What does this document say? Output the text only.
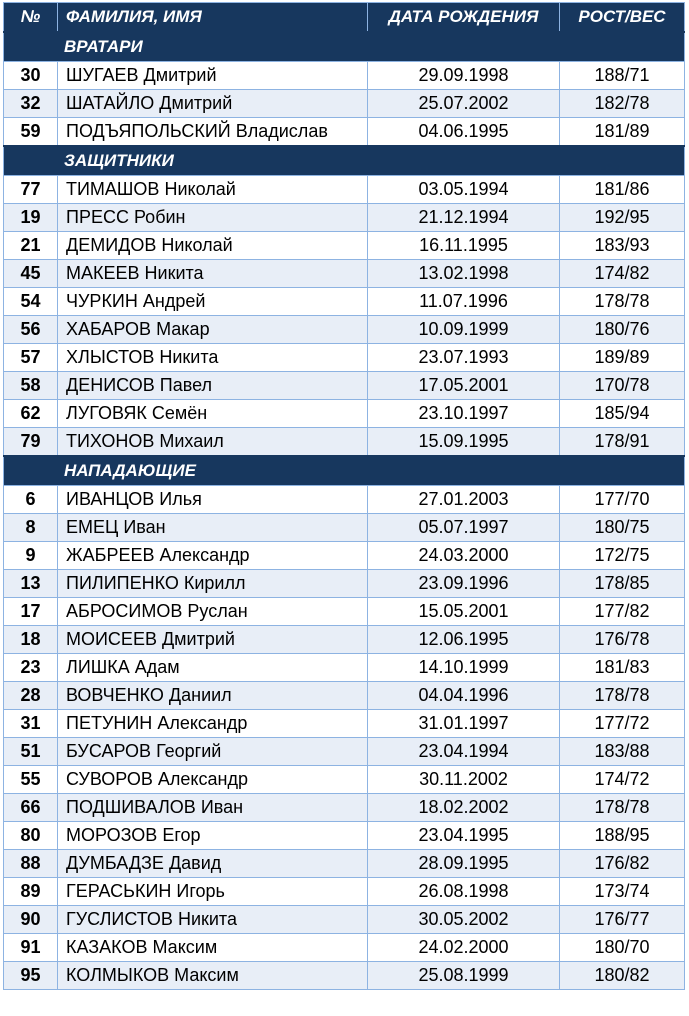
№	ФАМИЛИЯ, ИМЯ	ДАТА РОЖДЕНИЯ	РОСТ/ВЕС
ВРАТАРИ			
30	ШУГАЕВ Дмитрий	29.09.1998	188/71
32	ШАТАЙЛО Дмитрий	25.07.2002	182/78
59	ПОДЪЯПОЛЬСКИЙ Владислав	04.06.1995	181/89
ЗАЩИТНИКИ			
77	ТИМАШОВ Николай	03.05.1994	181/86
19	ПРЕСС Робин	21.12.1994	192/95
21	ДЕМИДОВ Николай	16.11.1995	183/93
45	МАКЕЕВ Никита	13.02.1998	174/82
54	ЧУРКИН Андрей	11.07.1996	178/78
56	ХАБАРОВ Макар	10.09.1999	180/76
57	ХЛЫСТОВ Никита	23.07.1993	189/89
58	ДЕНИСОВ Павел	17.05.2001	170/78
62	ЛУГОВЯК Семён	23.10.1997	185/94
79	ТИХОНОВ Михаил	15.09.1995	178/91
НАПАДАЮЩИЕ			
6	ИВАНЦОВ Илья	27.01.2003	177/70
8	ЕМЕЦ Иван	05.07.1997	180/75
9	ЖАБРЕЕВ Александр	24.03.2000	172/75
13	ПИЛИПЕНКО Кирилл	23.09.1996	178/85
17	АБРОСИМОВ Руслан	15.05.2001	177/82
18	МОИСЕЕВ Дмитрий	12.06.1995	176/78
23	ЛИШКА Адам	14.10.1999	181/83
28	ВОВЧЕНКО Даниил	04.04.1996	178/78
31	ПЕТУНИН Александр	31.01.1997	177/72
51	БУСАРОВ Георгий	23.04.1994	183/88
55	СУВОРОВ Александр	30.11.2002	174/72
66	ПОДШИВАЛОВ Иван	18.02.2002	178/78
80	МОРОЗОВ Егор	23.04.1995	188/95
88	ДУМБАДЗЕ Давид	28.09.1995	176/82
89	ГЕРАСЬКИН Игорь	26.08.1998	173/74
90	ГУСЛИСТОВ Никита	30.05.2002	176/77
91	КАЗАКОВ Максим	24.02.2000	180/70
95	КОЛМЫКОВ Максим	25.08.1999	180/82
